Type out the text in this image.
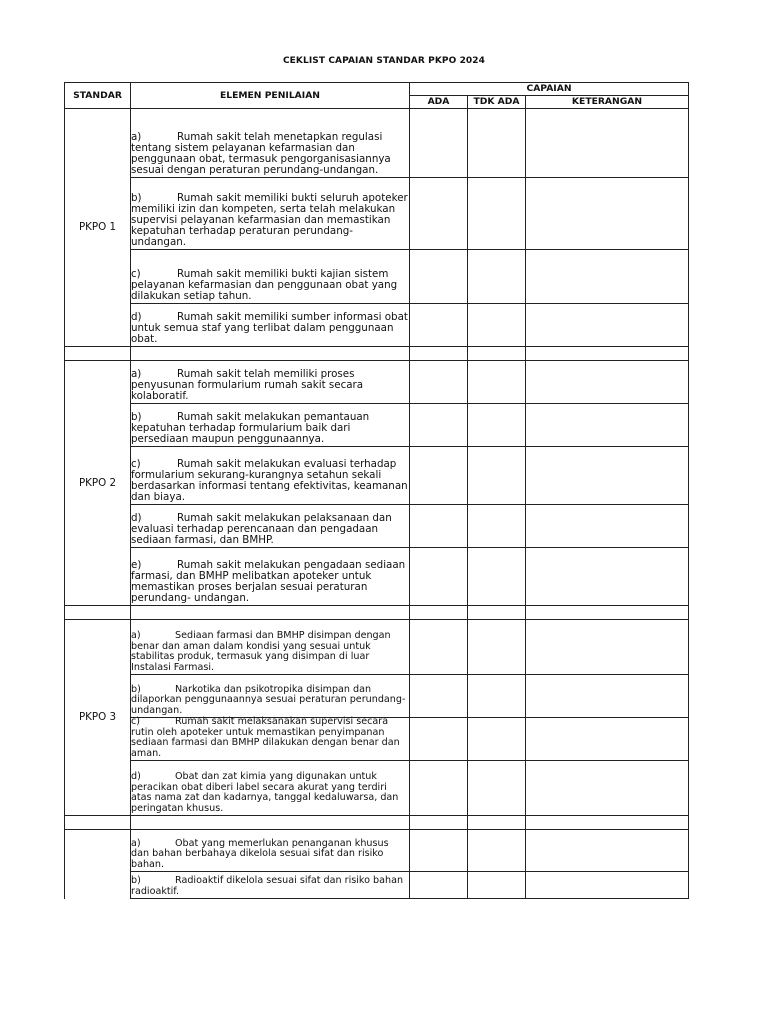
CEKLIST CAPAIAN STANDAR PKPO 2024
STANDAR	ELEMEN PENILAIAN	CAPAIAN		
		ADA	TDK ADA	KETERANGAN
PKPO 1	a) Rumah sakit telah menetapkan regulasi tentang sistem pelayanan kefarmasian dan penggunaan obat, termasuk pengorganisasiannya sesuai dengan peraturan perundang-undangan.			

	b) Rumah sakit memiliki bukti seluruh apoteker memiliki izin dan kompeten, serta telah melakukan supervisi pelayanan kefarmasian dan memastikan kepatuhan terhadap peraturan perundang- undangan.			

	c) Rumah sakit memiliki bukti kajian sistem pelayanan kefarmasian dan penggunaan obat yang dilakukan setiap tahun.			

	d) Rumah sakit memiliki sumber informasi obat untuk semua staf yang terlibat dalam penggunaan obat.			

PKPO 2	a) Rumah sakit telah memiliki proses penyusunan formularium rumah sakit secara kolaboratif.			

	b) Rumah sakit melakukan pemantauan kepatuhan terhadap formularium baik dari persediaan maupun penggunaannya.			

	c) Rumah sakit melakukan evaluasi terhadap formularium sekurang-kurangnya setahun sekali berdasarkan informasi tentang efektivitas, keamanan dan biaya.			

	d) Rumah sakit melakukan pelaksanaan dan evaluasi terhadap perencanaan dan pengadaan sediaan farmasi, dan BMHP.			

	e) Rumah sakit melakukan pengadaan sediaan farmasi, dan BMHP melibatkan apoteker untuk memastikan proses berjalan sesuai peraturan perundang- undangan.			

PKPO 3	a) Sediaan farmasi dan BMHP disimpan dengan benar dan aman dalam kondisi yang sesuai untuk stabilitas produk, termasuk yang disimpan di luar Instalasi Farmasi.			

	b) Narkotika dan psikotropika disimpan dan dilaporkan penggunaannya sesuai peraturan perundang- undangan.			

	c) Rumah sakit melaksanakan supervisi secara rutin oleh apoteker untuk memastikan penyimpanan sediaan farmasi dan BMHP dilakukan dengan benar dan aman.			

	d) Obat dan zat kimia yang digunakan untuk peracikan obat diberi label secara akurat yang terdiri atas nama zat dan kadarnya, tanggal kedaluwarsa, dan peringatan khusus.			

	a) Obat yang memerlukan penanganan khusus dan bahan berbahaya dikelola sesuai sifat dan risiko bahan.			

	b) Radioaktif dikelola sesuai sifat dan risiko bahan radioaktif.			
